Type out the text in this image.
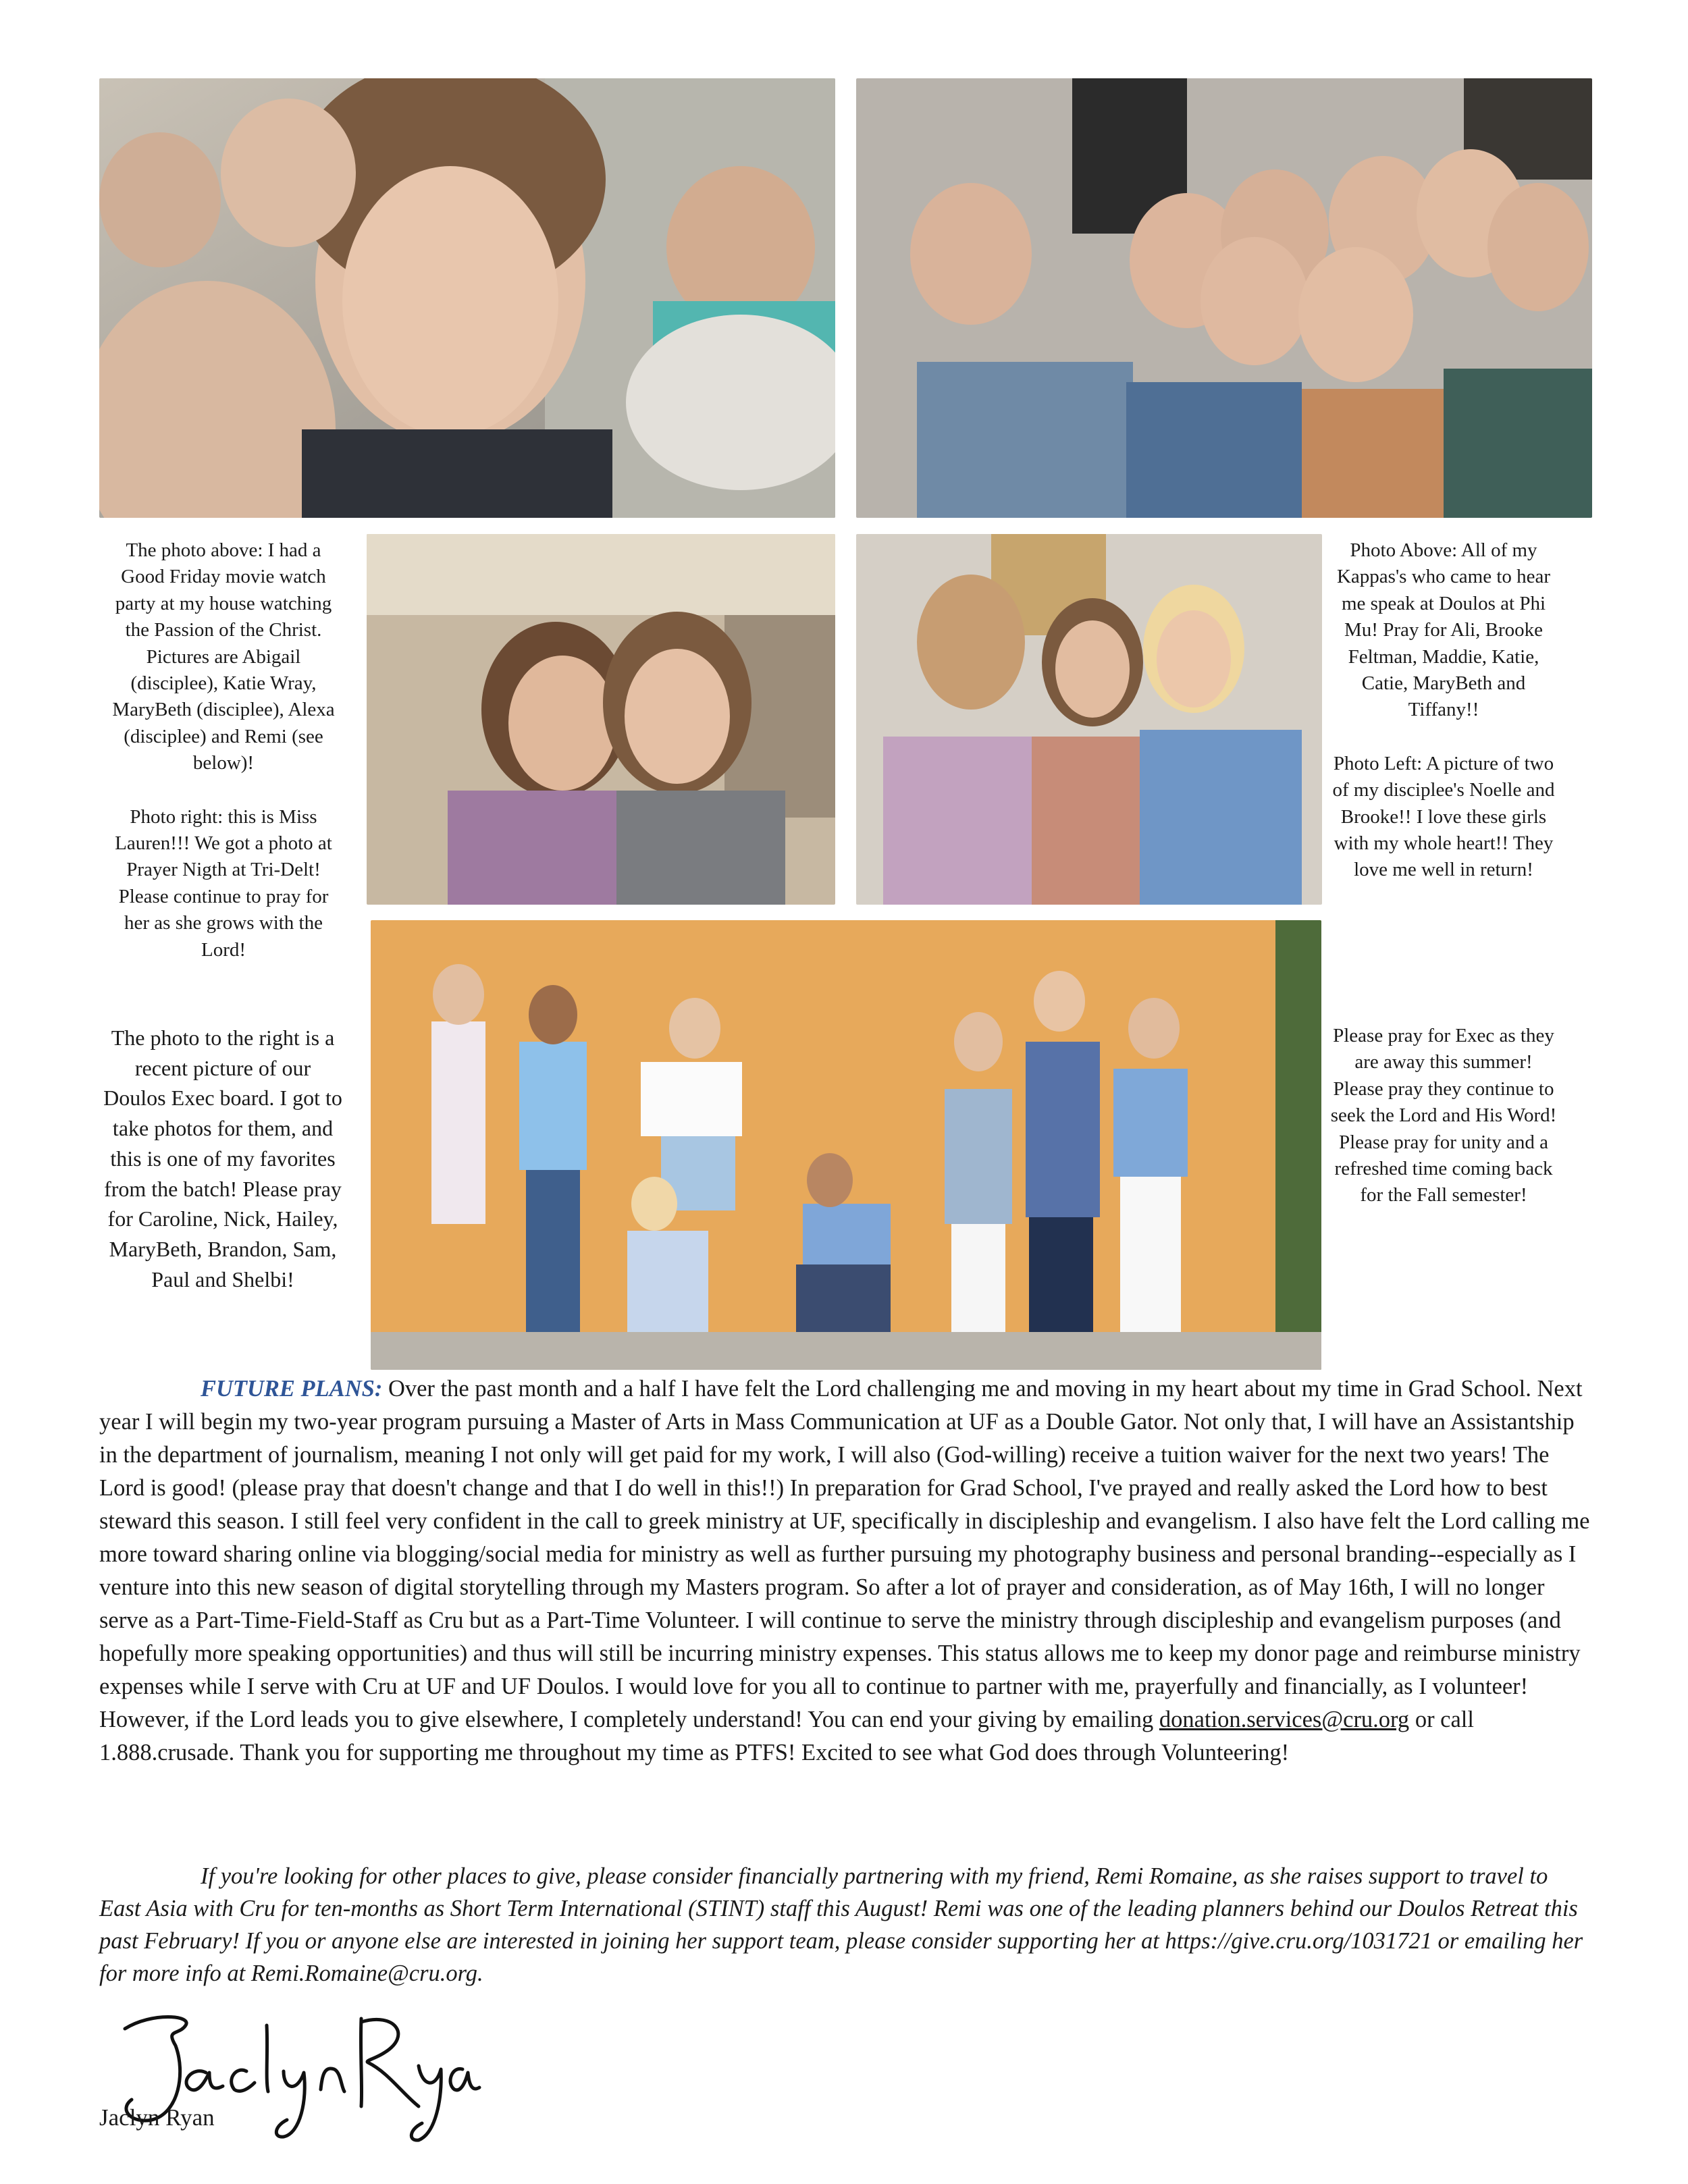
The photo above: I had a Good Friday movie watch party at my house watching the Passion of the Christ. Pictures are Abigail (disciplee), Katie Wray, MaryBeth (disciplee), Alexa (disciplee) and Remi (see below)!

Photo right: this is Miss Lauren!!! We got a photo at Prayer Nigth at Tri-Delt! Please continue to pray for her as she grows with the Lord!

Photo Above: All of my Kappas's who came to hear me speak at Doulos at Phi Mu! Pray for Ali, Brooke Feltman, Maddie, Katie, Catie, MaryBeth and Tiffany!!

Photo Left: A picture of two of my disciplee's Noelle and Brooke!! I love these girls with my whole heart!! They love me well in return!

The photo to the right is a recent picture of our Doulos Exec board. I got to take photos for them, and this is one of my favorites from the batch! Please pray for Caroline, Nick, Hailey, MaryBeth, Brandon, Sam, Paul and Shelbi!

Please pray for Exec as they are away this summer! Please pray they continue to seek the Lord and His Word! Please pray for unity and a refreshed time coming back for the Fall semester!

FUTURE PLANS: Over the past month and a half I have felt the Lord challenging me and moving in my heart about my time in Grad School. Next year I will begin my two-year program pursuing a Master of Arts in Mass Communication at UF as a Double Gator. Not only that, I will have an Assistantship in the department of journalism, meaning I not only will get paid for my work, I will also (God-willing) receive a tuition waiver for the next two years! The Lord is good! (please pray that doesn't change and that I do well in this!!) In preparation for Grad School, I've prayed and really asked the Lord how to best steward this season. I still feel very confident in the call to greek ministry at UF, specifically in discipleship and evangelism. I also have felt the Lord calling me more toward sharing online via blogging/social media for ministry as well as further pursuing my photography business and personal branding--especially as I venture into this new season of digital storytelling through my Masters program. So after a lot of prayer and consideration, as of May 16th, I will no longer serve as a Part-Time-Field-Staff as Cru but as a Part-Time Volunteer. I will continue to serve the ministry through discipleship and evangelism purposes (and hopefully more speaking opportunities) and thus will still be incurring ministry expenses. This status allows me to keep my donor page and reimburse ministry expenses while I serve with Cru at UF and UF Doulos. I would love for you all to continue to partner with me, prayerfully and financially, as I volunteer! However, if the Lord leads you to give elsewhere, I completely understand! You can end your giving by emailing donation.services@cru.org or call 1.888.crusade. Thank you for supporting me throughout my time as PTFS! Excited to see what God does through Volunteering!

If you're looking for other places to give, please consider financially partnering with my friend, Remi Romaine, as she raises support to travel to East Asia with Cru for ten-months as Short Term International (STINT) staff this August! Remi was one of the leading planners behind our Doulos Retreat this past February! If you or anyone else are interested in joining her support team, please consider supporting her at https://give.cru.org/1031721 or emailing her for more info at Remi.Romaine@cru.org.

Jaclyn Ryan
